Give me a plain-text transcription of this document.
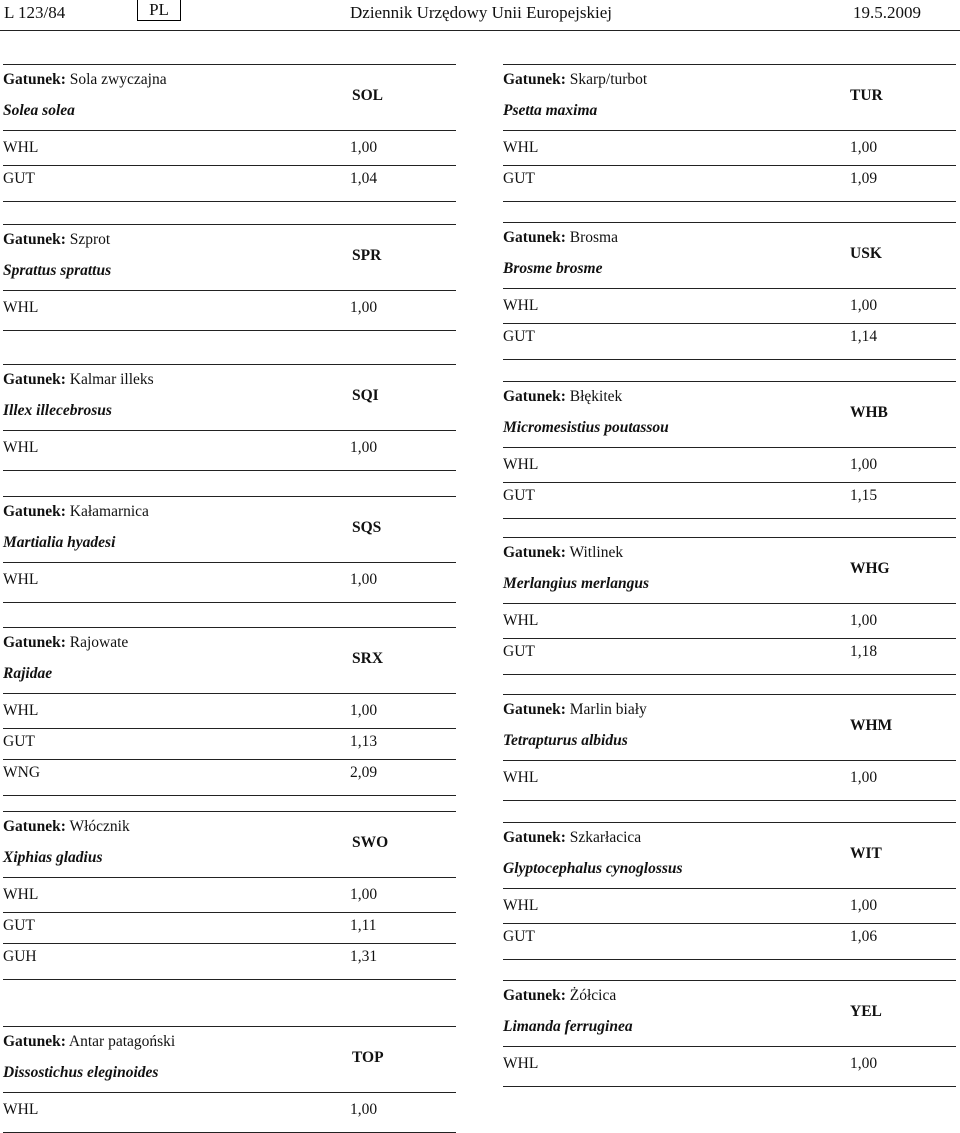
L 123/84	PL	Dziennik Urzędowy Unii Europejskiej	19.5.2009
Gatunek: Sola zwyczajna
Solea solea
SOL
WHL	1,00
GUT	1,04
Gatunek: Szprot
Sprattus sprattus
SPR
WHL	1,00
Gatunek: Kalmar illeks
Illex illecebrosus
SQI
WHL	1,00
Gatunek: Kałamarnica
Martialia hyadesi
SQS
WHL	1,00
Gatunek: Rajowate
Rajidae
SRX
WHL	1,00
GUT	1,13
WNG	2,09
Gatunek: Włócznik
Xiphias gladius
SWO
WHL	1,00
GUT	1,11
GUH	1,31
Gatunek: Antar patagoński
Dissostichus eleginoides
TOP
WHL	1,00
Gatunek: Skarp/turbot
Psetta maxima
TUR
WHL	1,00
GUT	1,09
Gatunek: Brosma
Brosme brosme
USK
WHL	1,00
GUT	1,14
Gatunek: Błękitek
Micromesistius poutassou
WHB
WHL	1,00
GUT	1,15
Gatunek: Witlinek
Merlangius merlangus
WHG
WHL	1,00
GUT	1,18
Gatunek: Marlin biały
Tetrapturus albidus
WHM
WHL	1,00
Gatunek: Szkarłacica
Glyptocephalus cynoglossus
WIT
WHL	1,00
GUT	1,06
Gatunek: Żółcica
Limanda ferruginea
YEL
WHL	1,00
